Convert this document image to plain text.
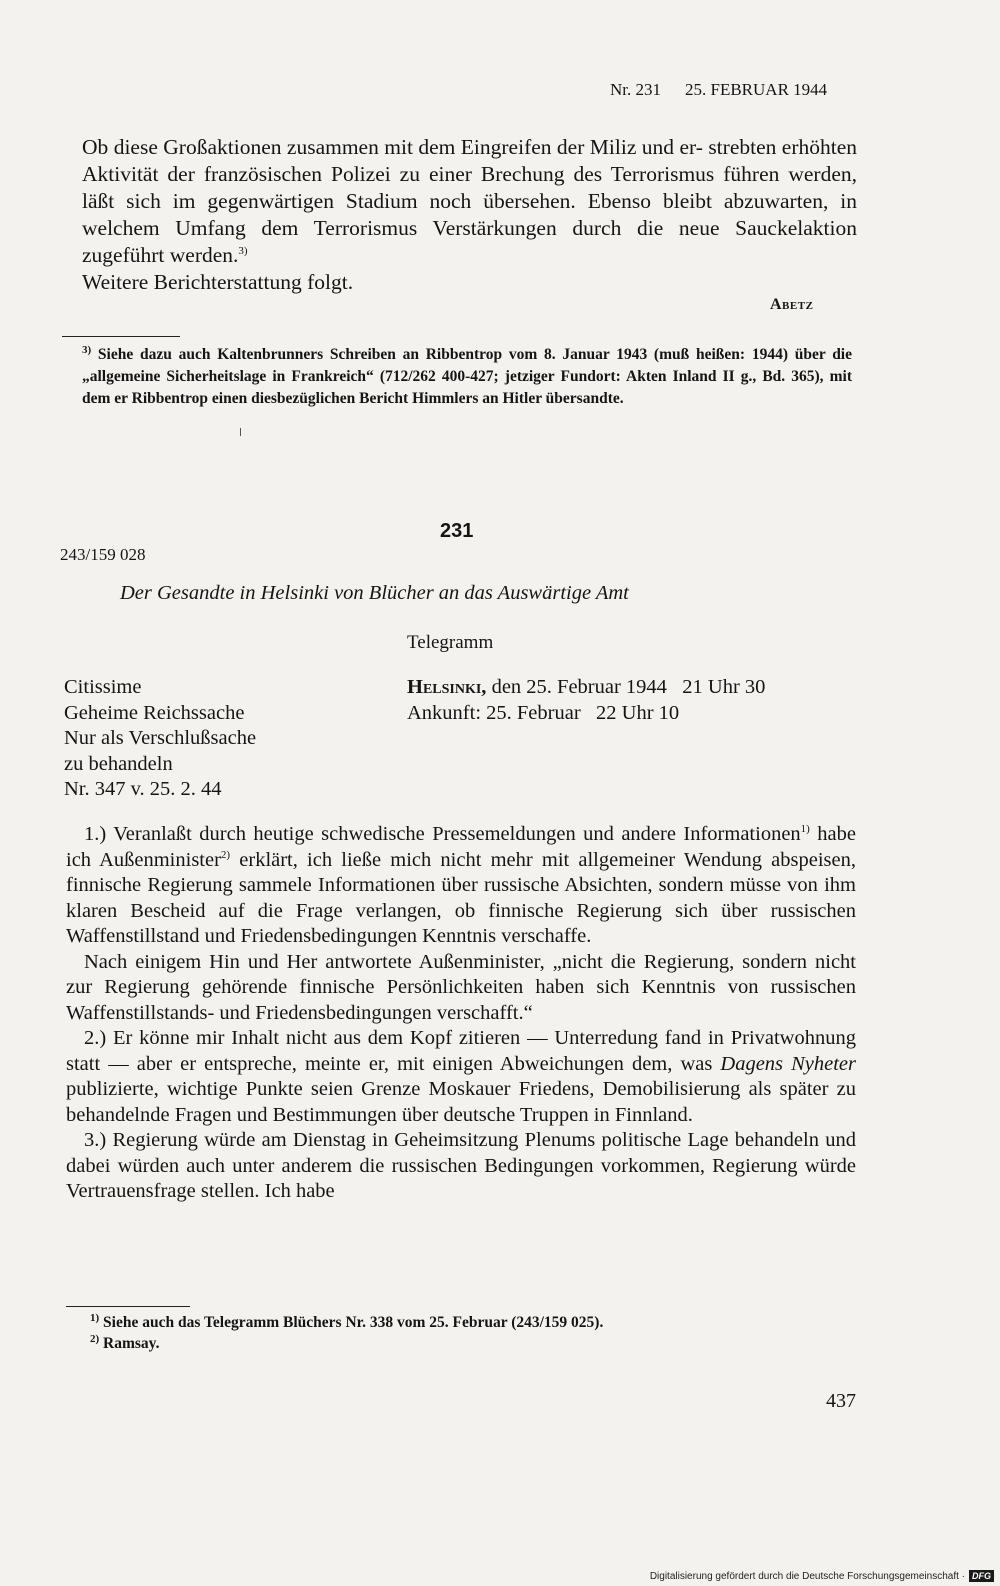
Nr. 231 25. FEBRUAR 1944

Ob diese Großaktionen zusammen mit dem Eingreifen der Miliz und er- strebten erhöhten Aktivität der französischen Polizei zu einer Brechung des Terrorismus führen werden, läßt sich im gegenwärtigen Stadium noch übersehen. Ebenso bleibt abzuwarten, in welchem Umfang dem Terrorismus Verstärkungen durch die neue Sauckelaktion zugeführt werden.$^{3)}$

Weitere Berichterstattung folgt.

Abetz

$^{3)}$ Siehe dazu auch Kaltenbrunners Schreiben an Ribbentrop vom 8. Januar 1943 (muß heißen: 1944) über die „allgemeine Sicherheitslage in Frankreich“ (712/262 400-427; jetziger Fundort: Akten Inland II g., Bd. 365), mit dem er Ribbentrop einen diesbezüglichen Bericht Himmlers an Hitler übersandte.

231
243/159 028
Der Gesandte in Helsinki von Blücher an das Auswärtige Amt
Telegramm
Citissime
Geheime Reichssache
Nur als Verschlußsache
zu behandeln
Nr. 347 v. 25. 2. 44
Helsinki, den 25. Februar 1944   21 Uhr 30
Ankunft: 25. Februar   22 Uhr 10

1.) Veranlaßt durch heutige schwedische Pressemeldungen und andere Informationen$^{1)}$ habe ich Außenminister$^{2)}$ erklärt, ich ließe mich nicht mehr mit allgemeiner Wendung abspeisen, finnische Regierung sammele Informationen über russische Absichten, sondern müsse von ihm klaren Bescheid auf die Frage verlangen, ob finnische Regierung sich über russischen Waffenstillstand und Friedensbedingungen Kenntnis verschaffe.

Nach einigem Hin und Her antwortete Außenminister, „nicht die Regierung, sondern nicht zur Regierung gehörende finnische Persönlichkeiten haben sich Kenntnis von russischen Waffenstillstands- und Friedensbedingungen verschafft.“

2.) Er könne mir Inhalt nicht aus dem Kopf zitieren — Unterredung fand in Privatwohnung statt — aber er entspreche, meinte er, mit einigen Abweichungen dem, was Dagens Nyheter publizierte, wichtige Punkte seien Grenze Moskauer Friedens, Demobilisierung als später zu behandelnde Fragen und Bestimmungen über deutsche Truppen in Finnland.

3.) Regierung würde am Dienstag in Geheimsitzung Plenums politische Lage behandeln und dabei würden auch unter anderem die russischen Bedingungen vorkommen, Regierung würde Vertrauensfrage stellen. Ich habe

$^{1)}$ Siehe auch das Telegramm Blüchers Nr. 338 vom 25. Februar (243/159 025).
$^{2)}$ Ramsay.
437
Digitalisierung gefördert durch die Deutsche Forschungsgemeinschaft · DFG
